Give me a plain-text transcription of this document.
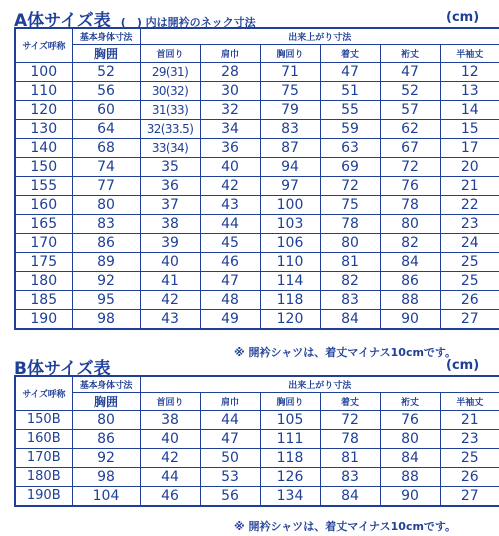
A体サイズ表 (　) 内は開衿のネック寸法	(cm)
サイズ呼称	基本身体寸法	出来上がり寸法					
	胸囲	首回り	肩巾	胸回り	着丈	裄丈	半袖丈
100	52	29(31)	28	71	47	47	12
110	56	30(32)	30	75	51	52	13
120	60	31(33)	32	79	55	57	14
130	64	32(33.5)	34	83	59	62	15
140	68	33(34)	36	87	63	67	17
150	74	35	40	94	69	72	20
155	77	36	42	97	72	76	21
160	80	37	43	100	75	78	22
165	83	38	44	103	78	80	23
170	86	39	45	106	80	82	24
175	89	40	46	110	81	84	25
180	92	41	47	114	82	86	25
185	95	42	48	118	83	88	26
190	98	43	49	120	84	90	27
※ 開衿シャツは、着丈マイナス10cmです。
B体サイズ表	(cm)
サイズ呼称	基本身体寸法	出来上がり寸法					
	胸囲	首回り	肩巾	胸回り	着丈	裄丈	半袖丈
150B	80	38	44	105	72	76	21
160B	86	40	47	111	78	80	23
170B	92	42	50	118	81	84	25
180B	98	44	53	126	83	88	26
190B	104	46	56	134	84	90	27
※ 開衿シャツは、着丈マイナス10cmです。
